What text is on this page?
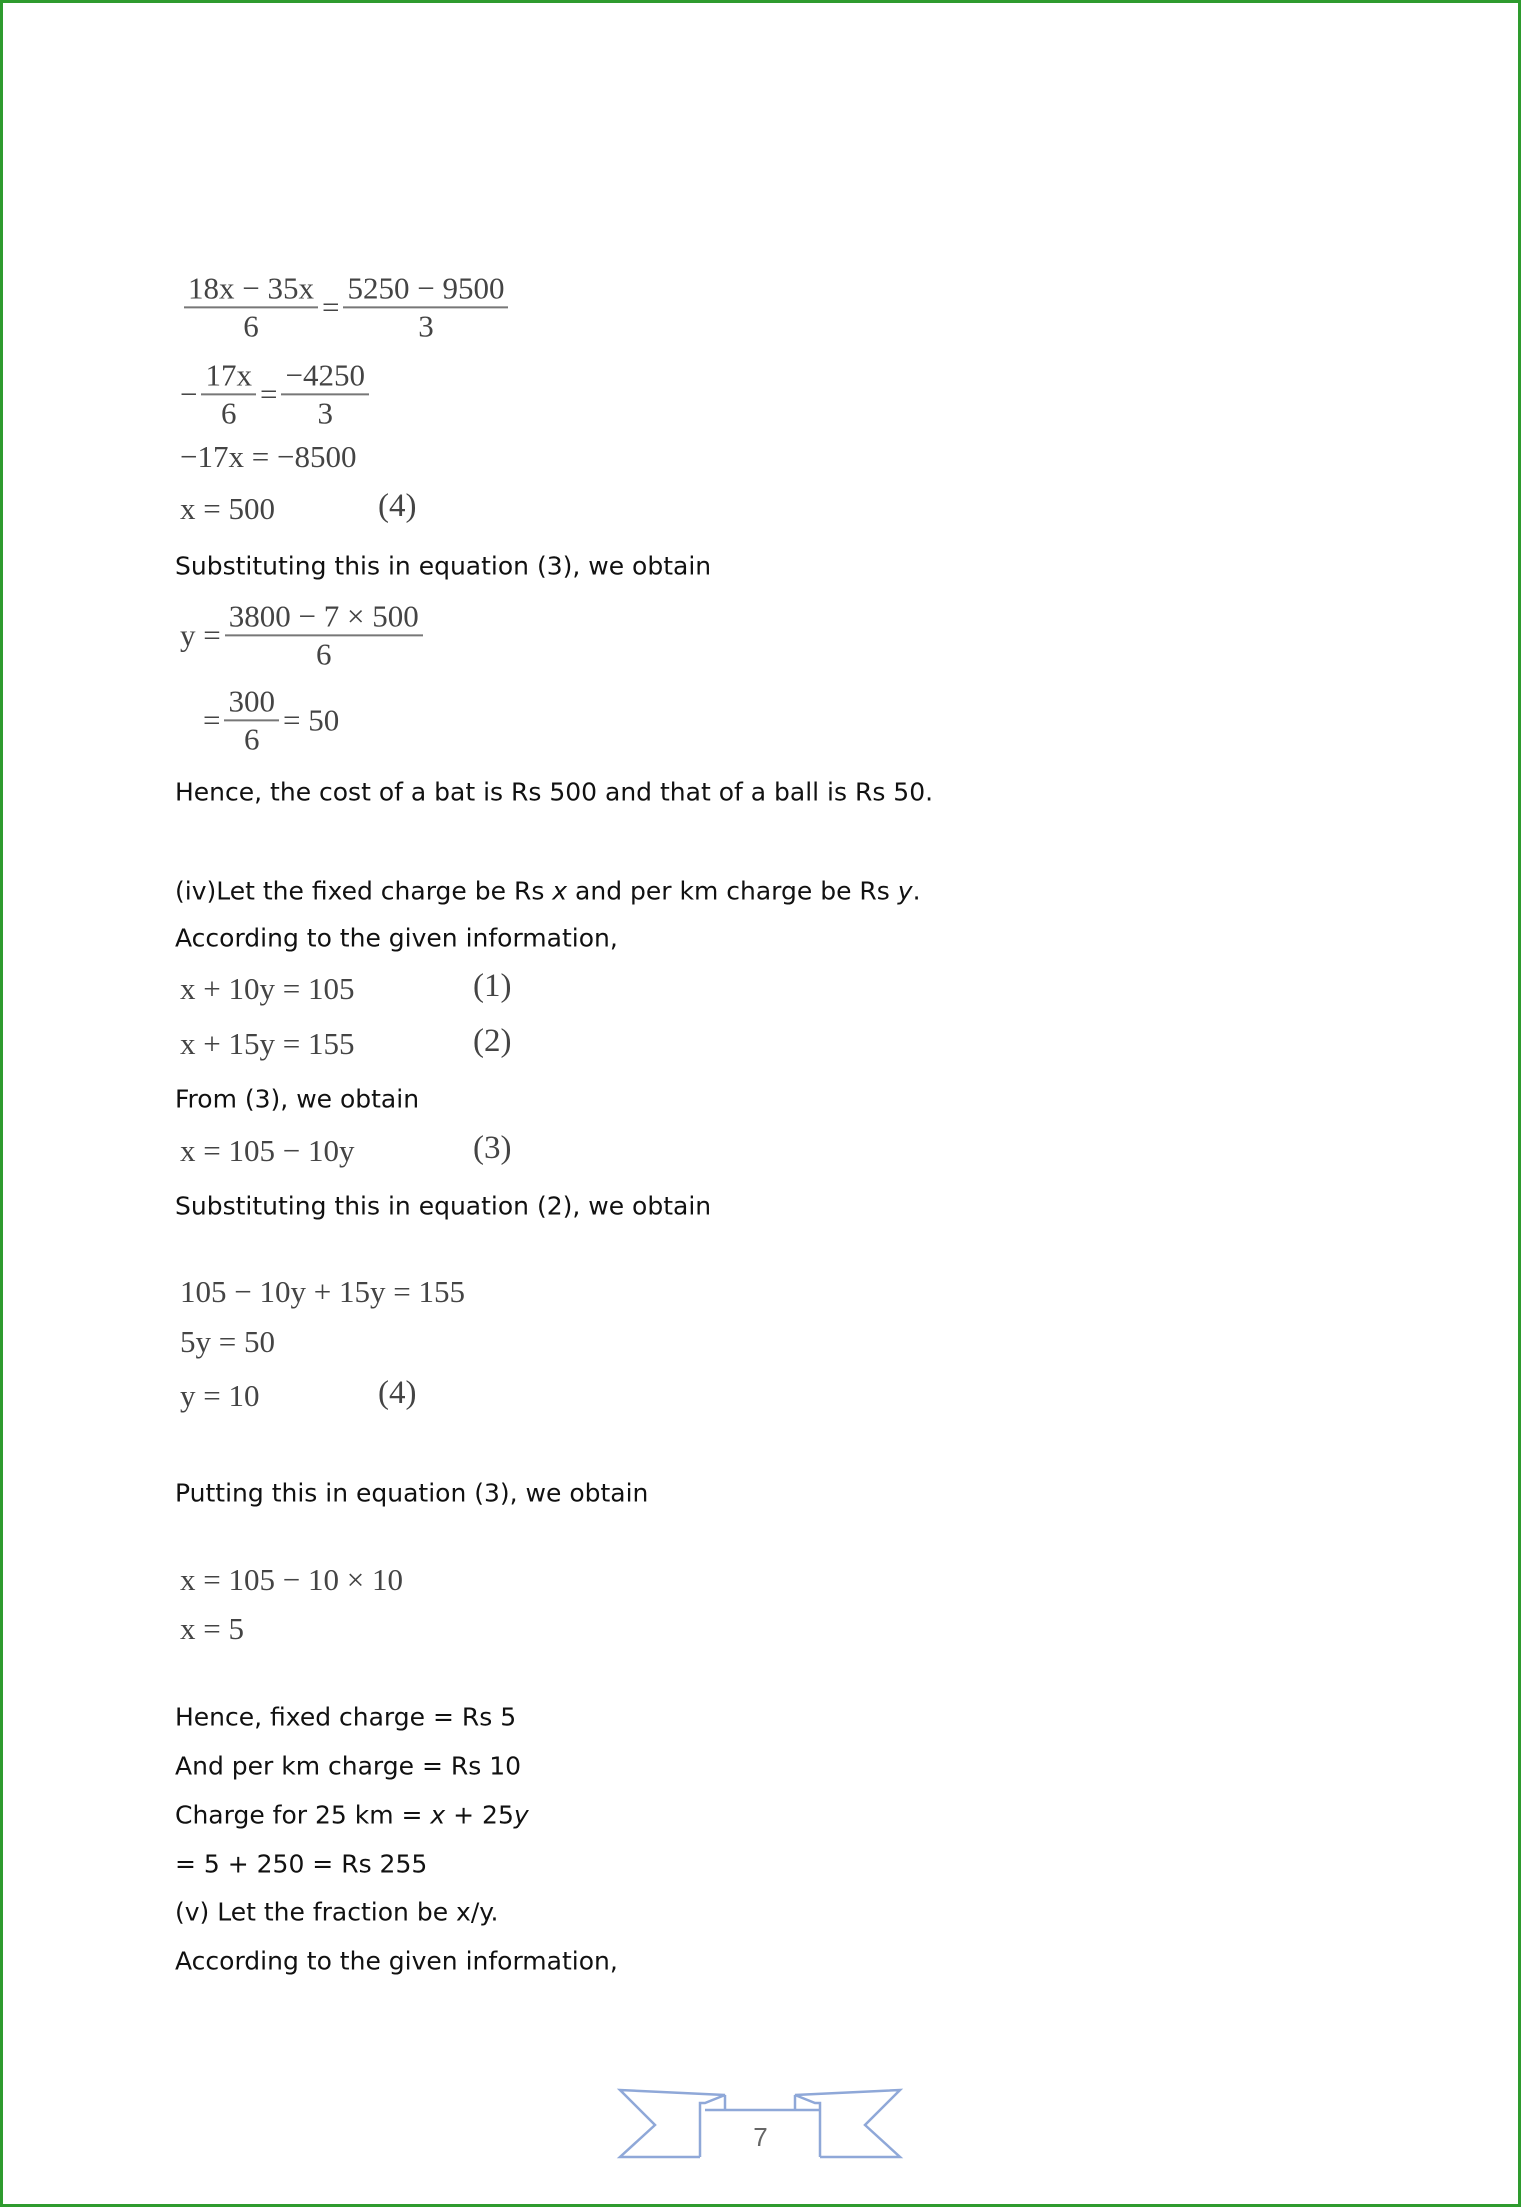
$\frac{18x - 35x}{6} = \frac{5250 - 9500}{3}$
− $\frac{17x}{6} = \frac{-4250}{3}$
−17x = −8500
x = 500	(4)
Substituting this in equation (3), we obtain
$y = \frac{3800 - 7 \times 500}{6}$
= $\frac{300}{6} = 50$
Hence, the cost of a bat is Rs 500 and that of a ball is Rs 50.
(iv)Let the fixed charge be Rs x and per km charge be Rs y.
According to the given information,
x + 10y = 105	(1)
x + 15y = 155	(2)
From (3), we obtain
x = 105 − 10y	(3)
Substituting this in equation (2), we obtain
105 − 10y + 15y = 155
5y = 50
y = 10	(4)
Putting this in equation (3), we obtain
x = 105 − 10 × 10
x = 5
Hence, fixed charge = Rs 5
And per km charge = Rs 10
Charge for 25 km = x + 25y
= 5 + 250 = Rs 255
(v) Let the fraction be x/y.
According to the given information,
7
